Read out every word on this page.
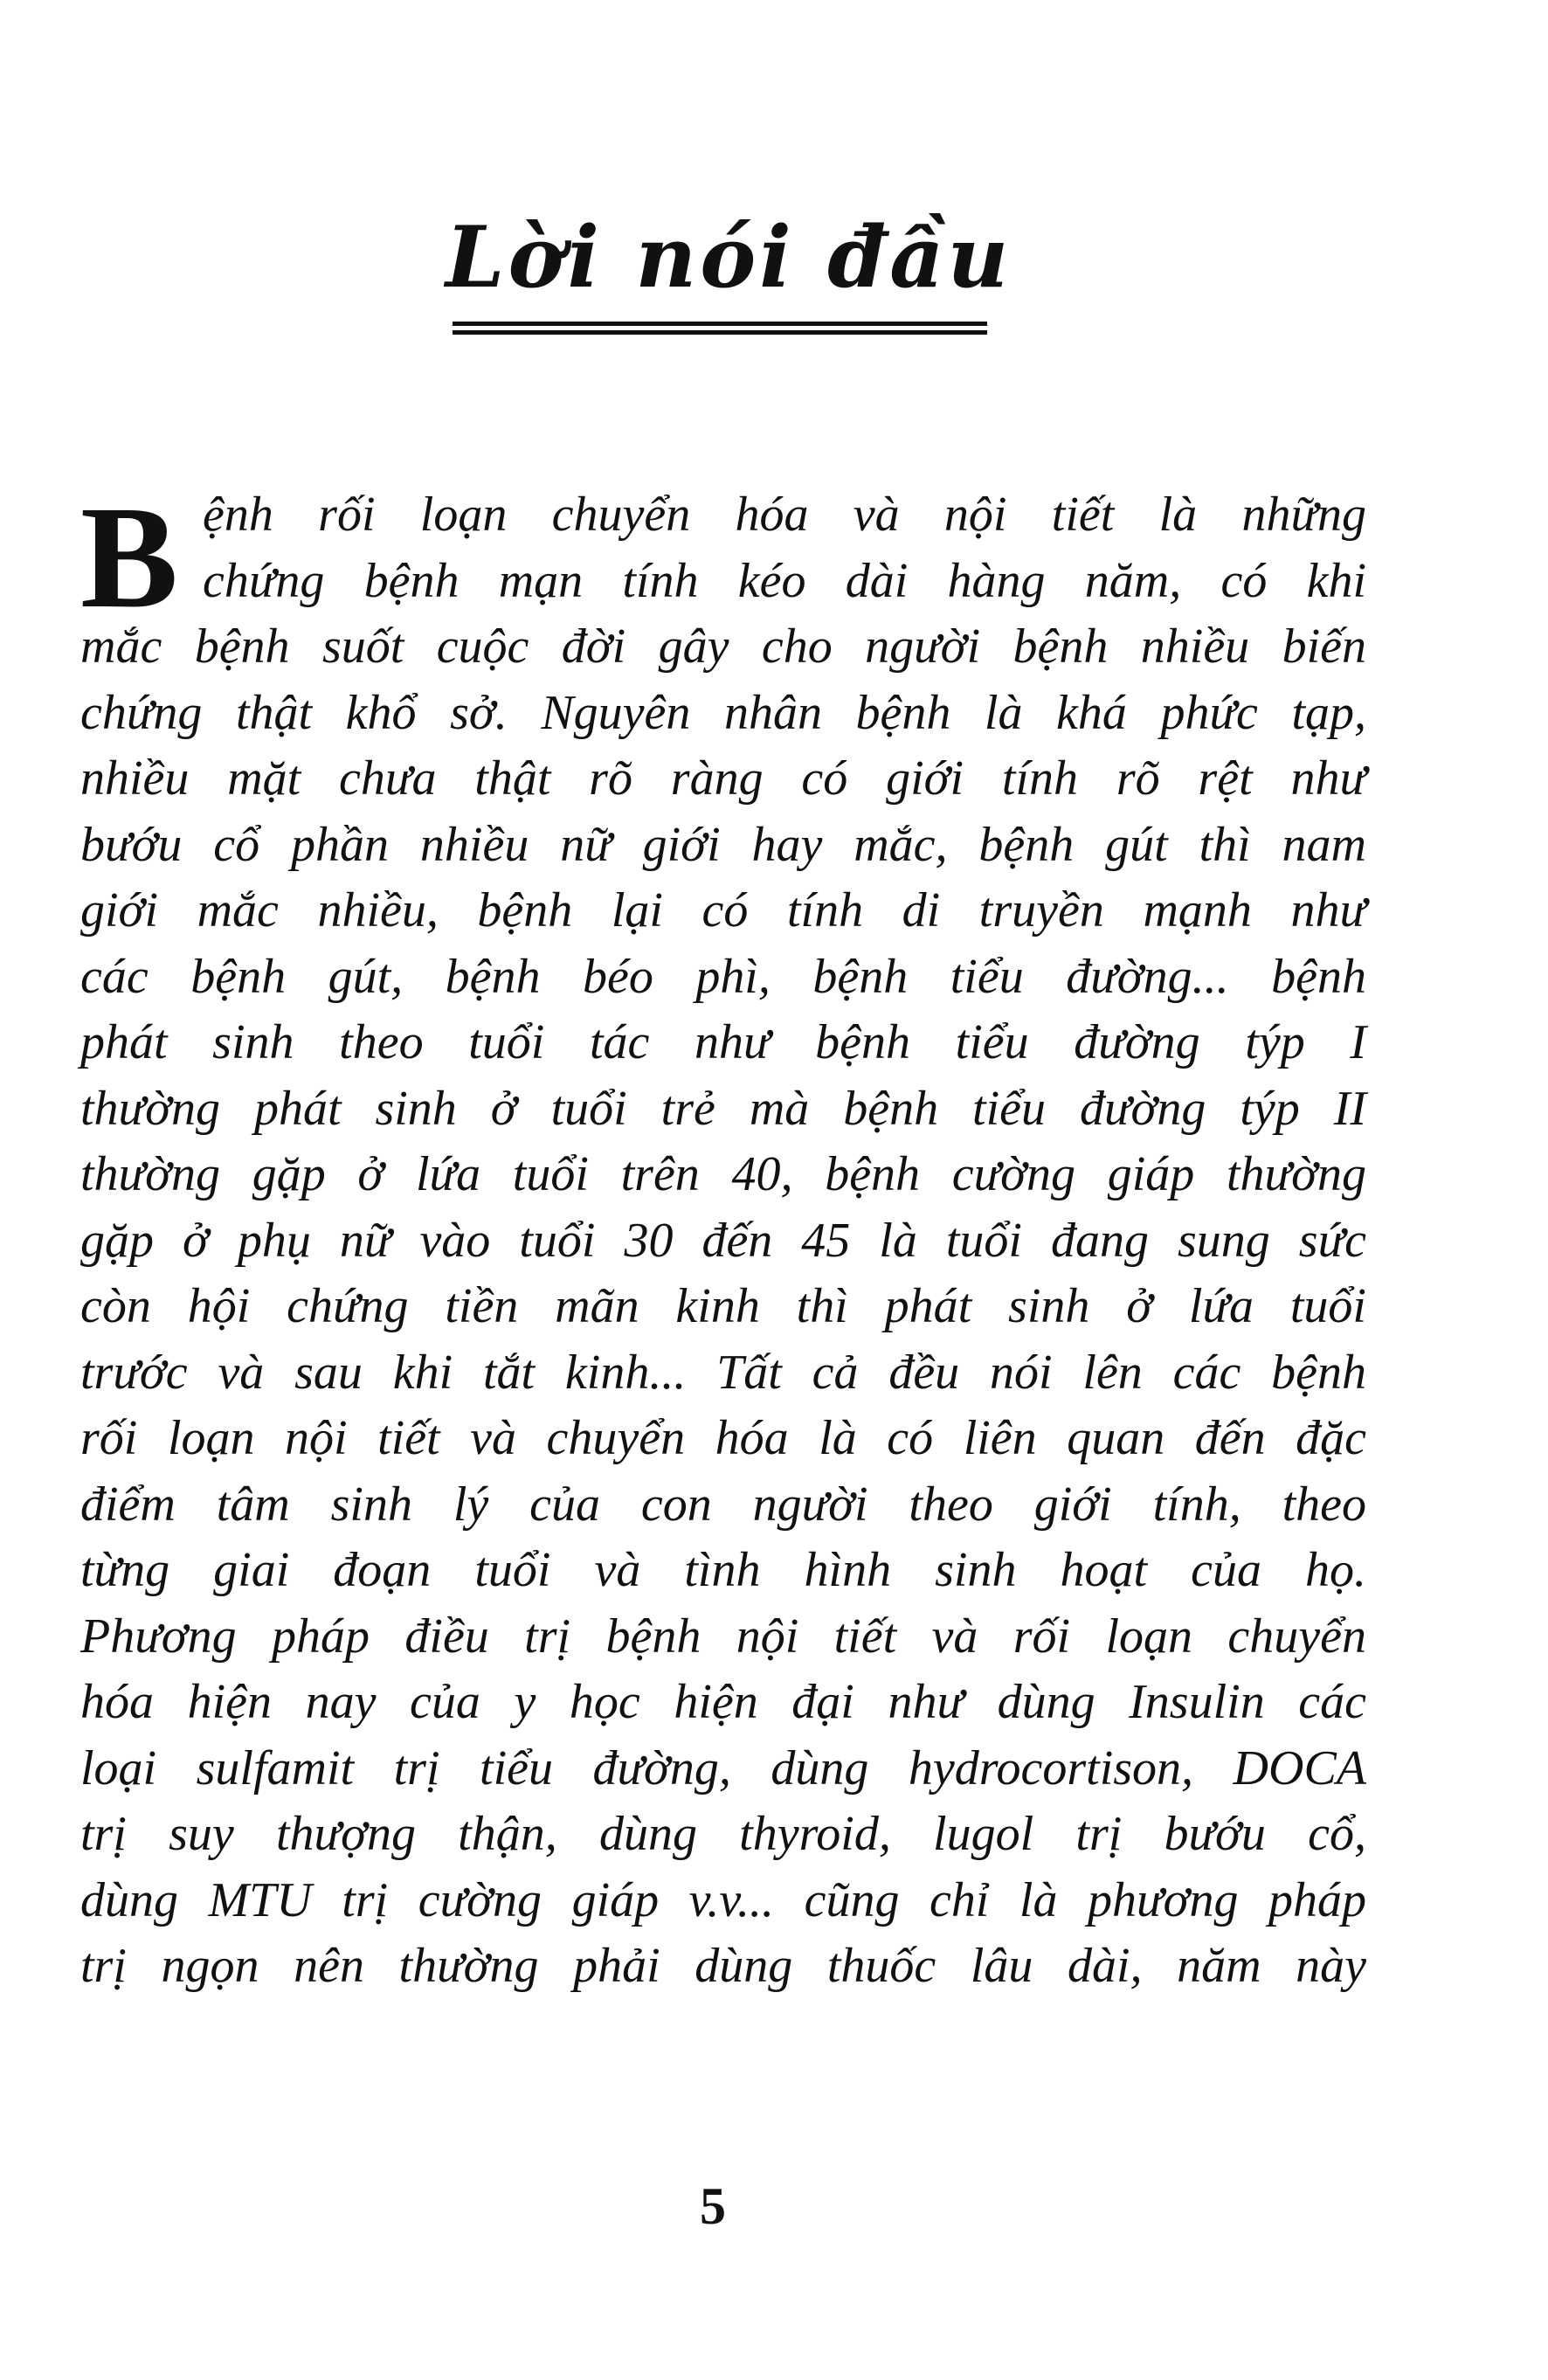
Lời nói đầu
B ệnh rối loạn chuyển hóa và nội tiết là những
chứng bệnh mạn tính kéo dài hàng năm, có khi
mắc bệnh suốt cuộc đời gây cho người bệnh nhiều biến
chứng thật khổ sở. Nguyên nhân bệnh là khá phức tạp,
nhiều mặt chưa thật rõ ràng có giới tính rõ rệt như
bướu cổ phần nhiều nữ giới hay mắc, bệnh gút thì nam
giới mắc nhiều, bệnh lại có tính di truyền mạnh như
các bệnh gút, bệnh béo phì, bệnh tiểu đường... bệnh
phát sinh theo tuổi tác như bệnh tiểu đường týp I
thường phát sinh ở tuổi trẻ mà bệnh tiểu đường týp II
thường gặp ở lứa tuổi trên 40, bệnh cường giáp thường
gặp ở phụ nữ vào tuổi 30 đến 45 là tuổi đang sung sức
còn hội chứng tiền mãn kinh thì phát sinh ở lứa tuổi
trước và sau khi tắt kinh... Tất cả đều nói lên các bệnh
rối loạn nội tiết và chuyển hóa là có liên quan đến đặc
điểm tâm sinh lý của con người theo giới tính, theo
từng giai đoạn tuổi và tình hình sinh hoạt của họ.
Phương pháp điều trị bệnh nội tiết và rối loạn chuyển
hóa hiện nay của y học hiện đại như dùng Insulin các
loại sulfamit trị tiểu đường, dùng hydrocortison, DOCA
trị suy thượng thận, dùng thyroid, lugol trị bướu cổ,
dùng MTU trị cường giáp v.v... cũng chỉ là phương pháp
trị ngọn nên thường phải dùng thuốc lâu dài, năm này
5
